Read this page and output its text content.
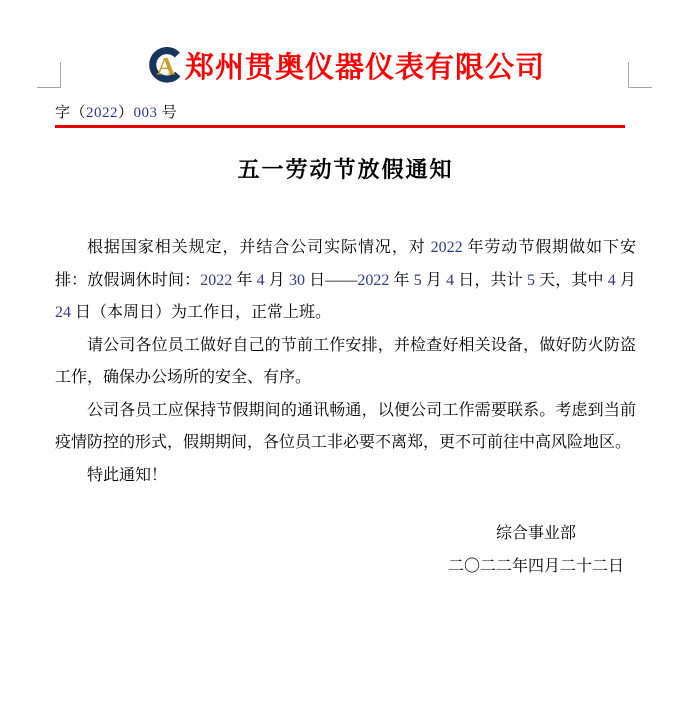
A 郑州贯奥仪器仪表有限公司
字（2022）003 号
五一劳动节放假通知

根据国家相关规定，并结合公司实际情况，对 2022 年劳动节假期做如下安排：放假调休时间：2022 年 4 月 30 日——2022 年 5 月 4 日，共计 5 天，其中 4 月 24 日（本周日）为工作日，正常上班。

请公司各位员工做好自己的节前工作安排，并检查好相关设备，做好防火防盗工作，确保办公场所的安全、有序。

公司各员工应保持节假期间的通讯畅通，以便公司工作需要联系。考虑到当前疫情防控的形式，假期期间，各位员工非必要不离郑，更不可前往中高风险地区。

特此通知！

综合事业部
二〇二二年四月二十二日
